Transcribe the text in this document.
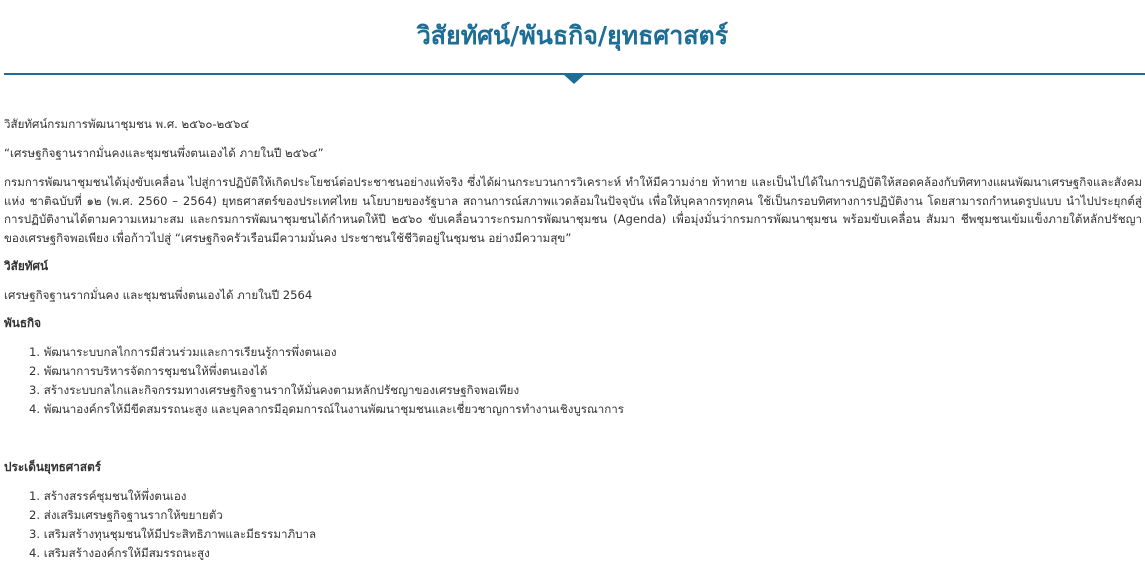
วิสัยทัศน์/พันธกิจ/ยุทธศาสตร์

วิสัยทัศน์กรมการพัฒนาชุมชน พ.ศ. ๒๕๖๐-๒๕๖๔

“เศรษฐกิจฐานรากมั่นคงและชุมชนพึ่งตนเองได้ ภายในปี ๒๕๖๔”

กรมการพัฒนาชุมชนได้มุ่งขับเคลื่อน ไปสู่การปฏิบัติให้เกิดประโยชน์ต่อประชาชนอย่างแท้จริง ซึ่งได้ผ่านกระบวนการวิเคราะห์ ทำให้มีความง่าย ท้าทาย และเป็นไปได้ในการปฏิบัติให้สอดคล้องกับทิศทางแผนพัฒนาเศรษฐกิจและสังคมแห่ง ชาติฉบับที่ ๑๒ (พ.ศ. 2560 – 2564) ยุทธศาสตร์ของประเทศไทย นโยบายของรัฐบาล สถานการณ์สภาพแวดล้อมในปัจจุบัน เพื่อให้บุคลากรทุกคน ใช้เป็นกรอบทิศทางการปฏิบัติงาน โดยสามารถกำหนดรูปแบบ นำไปประยุกต์สู่การปฏิบัติงานได้ตามความเหมาะสม และกรมการพัฒนาชุมชนได้กำหนดให้ปี ๒๕๖๐ ขับเคลื่อนวาระกรมการพัฒนาชุมชน (Agenda) เพื่อมุ่งมั่นว่ากรมการพัฒนาชุมชน พร้อมขับเคลื่อน สัมมา ชีพชุมชนเข้มแข็งภายใต้หลักปรัชญาของเศรษฐกิจพอเพียง เพื่อก้าวไปสู่ “เศรษฐกิจครัวเรือนมีความมั่นคง ประชาชนใช้ชีวิตอยู่ในชุมชน อย่างมีความสุข”

วิสัยทัศน์

เศรษฐกิจฐานรากมั่นคง และชุมชนพึ่งตนเองได้ ภายในปี 2564

พันธกิจ
1. พัฒนาระบบกลไกการมีส่วนร่วมและการเรียนรู้การพึ่งตนเอง
2. พัฒนาการบริหารจัดการชุมชนให้พึ่งตนเองได้
3. สร้างระบบกลไกและกิจกรรมทางเศรษฐกิจฐานรากให้มั่นคงตามหลักปรัชญาของเศรษฐกิจพอเพียง
4. พัฒนาองค์กรให้มีขีดสมรรถนะสูง และบุคลากรมีอุดมการณ์ในงานพัฒนาชุมชนและเชี่ยวชาญการทำงานเชิงบูรณาการ
ประเด็นยุทธศาสตร์
1. สร้างสรรค์ชุมชนให้พึ่งตนเอง
2. ส่งเสริมเศรษฐกิจฐานรากให้ขยายตัว
3. เสริมสร้างทุนชุมชนให้มีประสิทธิภาพและมีธรรมาภิบาล
4. เสริมสร้างองค์กรให้มีสมรรถนะสูง
